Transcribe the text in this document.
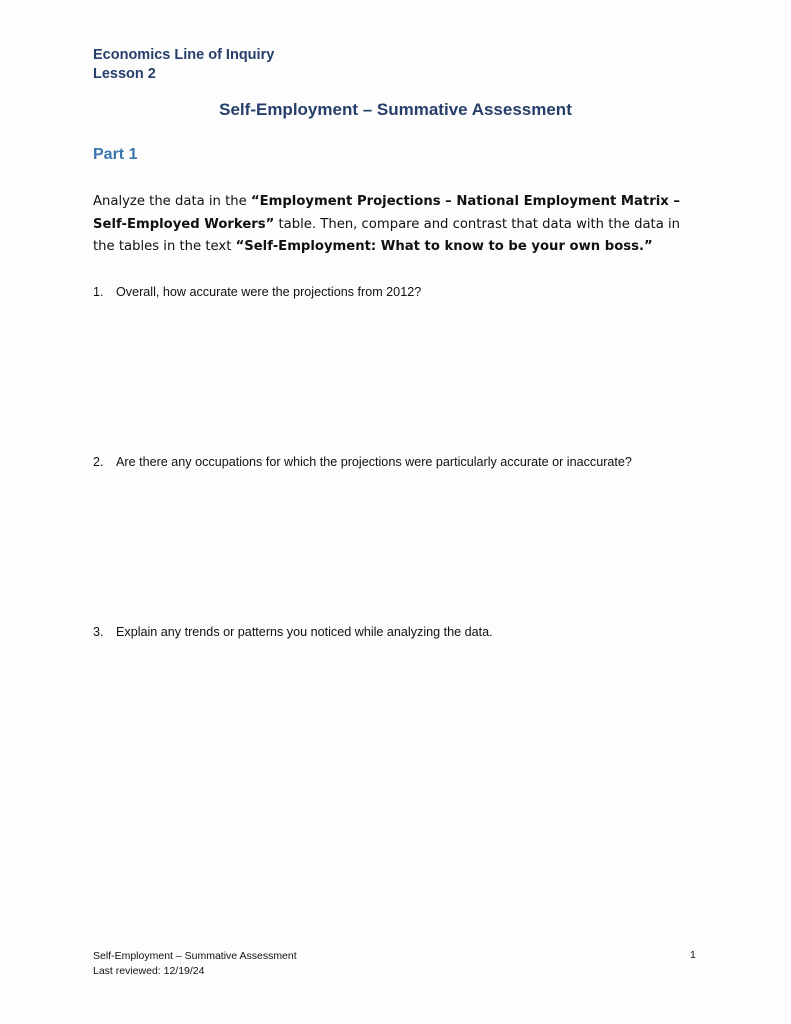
Economics Line of Inquiry
Lesson 2
Self-Employment – Summative Assessment
Part 1
Analyze the data in the “Employment Projections – National Employment Matrix – Self-Employed Workers” table. Then, compare and contrast that data with the data in the tables in the text “Self-Employment: What to know to be your own boss.”
1. Overall, how accurate were the projections from 2012?
2. Are there any occupations for which the projections were particularly accurate or inaccurate?
3. Explain any trends or patterns you noticed while analyzing the data.
Self-Employment – Summative Assessment
Last reviewed: 12/19/24
1
